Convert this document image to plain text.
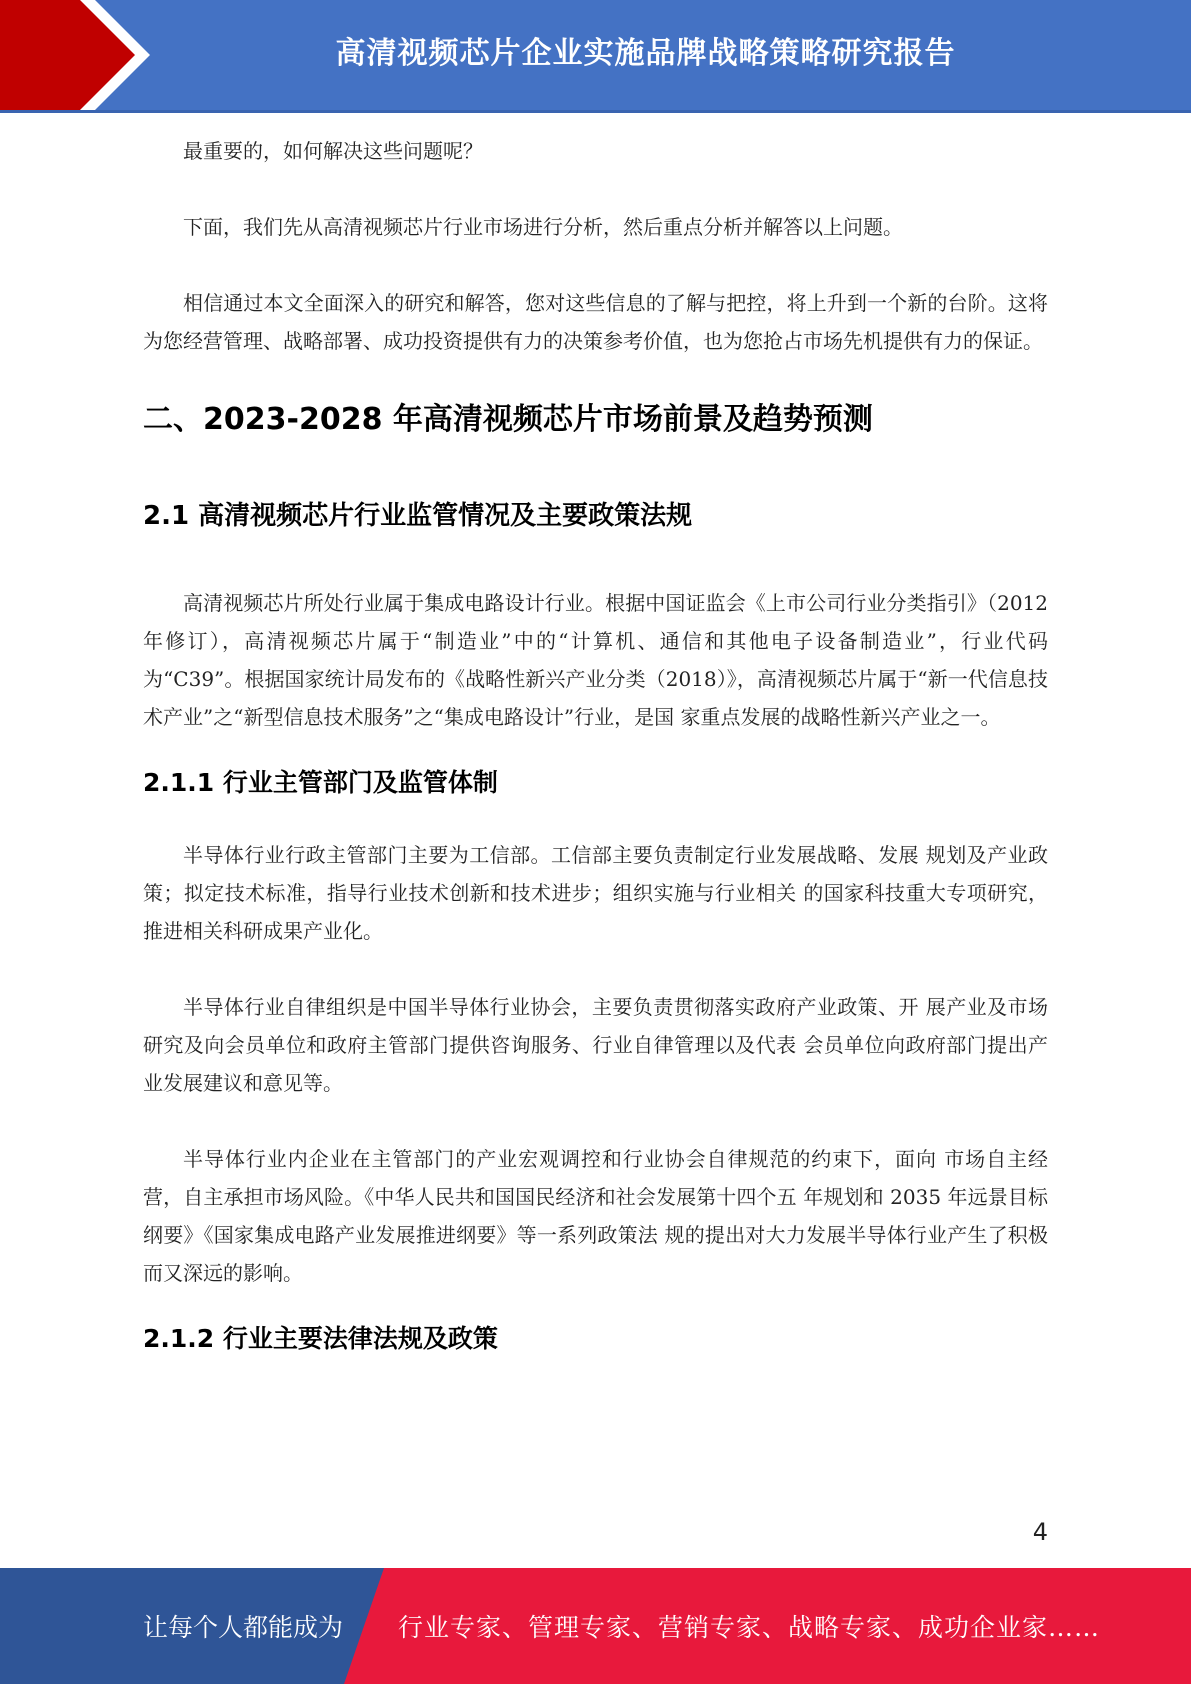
高清视频芯片企业实施品牌战略策略研究报告

最重要的，如何解决这些问题呢？

下面，我们先从高清视频芯片行业市场进行分析，然后重点分析并解答以上问题。

相信通过本文全面深入的研究和解答，您对这些信息的了解与把控，将上升到一个新的台阶。这将为您经营管理、战略部署、成功投资提供有力的决策参考价值，也为您抢占市场先机提供有力的保证。

二、2023-2028 年高清视频芯片市场前景及趋势预测
2.1 高清视频芯片行业监管情况及主要政策法规

高清视频芯片所处行业属于集成电路设计行业。根据中国证监会《上市公司行业分类指引》（2012 年修订），高清视频芯片属于“制造业”中的“计算机、通信和其他电子设备制造业”，行业代码为“C39”。根据国家统计局发布的《战略性新兴产业分类（2018）》，高清视频芯片属于“新一代信息技术产业”之“新型信息技术服务”之“集成电路设计”行业，是国 家重点发展的战略性新兴产业之一。

2.1.1 行业主管部门及监管体制

半导体行业行政主管部门主要为工信部。工信部主要负责制定行业发展战略、发展 规划及产业政策；拟定技术标准，指导行业技术创新和技术进步；组织实施与行业相关 的国家科技重大专项研究，推进相关科研成果产业化。

半导体行业自律组织是中国半导体行业协会，主要负责贯彻落实政府产业政策、开 展产业及市场研究及向会员单位和政府主管部门提供咨询服务、行业自律管理以及代表 会员单位向政府部门提出产业发展建议和意见等。

半导体行业内企业在主管部门的产业宏观调控和行业协会自律规范的约束下，面向 市场自主经营，自主承担市场风险。《中华人民共和国国民经济和社会发展第十四个五 年规划和 2035 年远景目标纲要》《国家集成电路产业发展推进纲要》等一系列政策法 规的提出对大力发展半导体行业产生了积极而又深远的影响。

2.1.2 行业主要法律法规及政策
4
让每个人都能成为 行业专家、管理专家、营销专家、战略专家、成功企业家……
